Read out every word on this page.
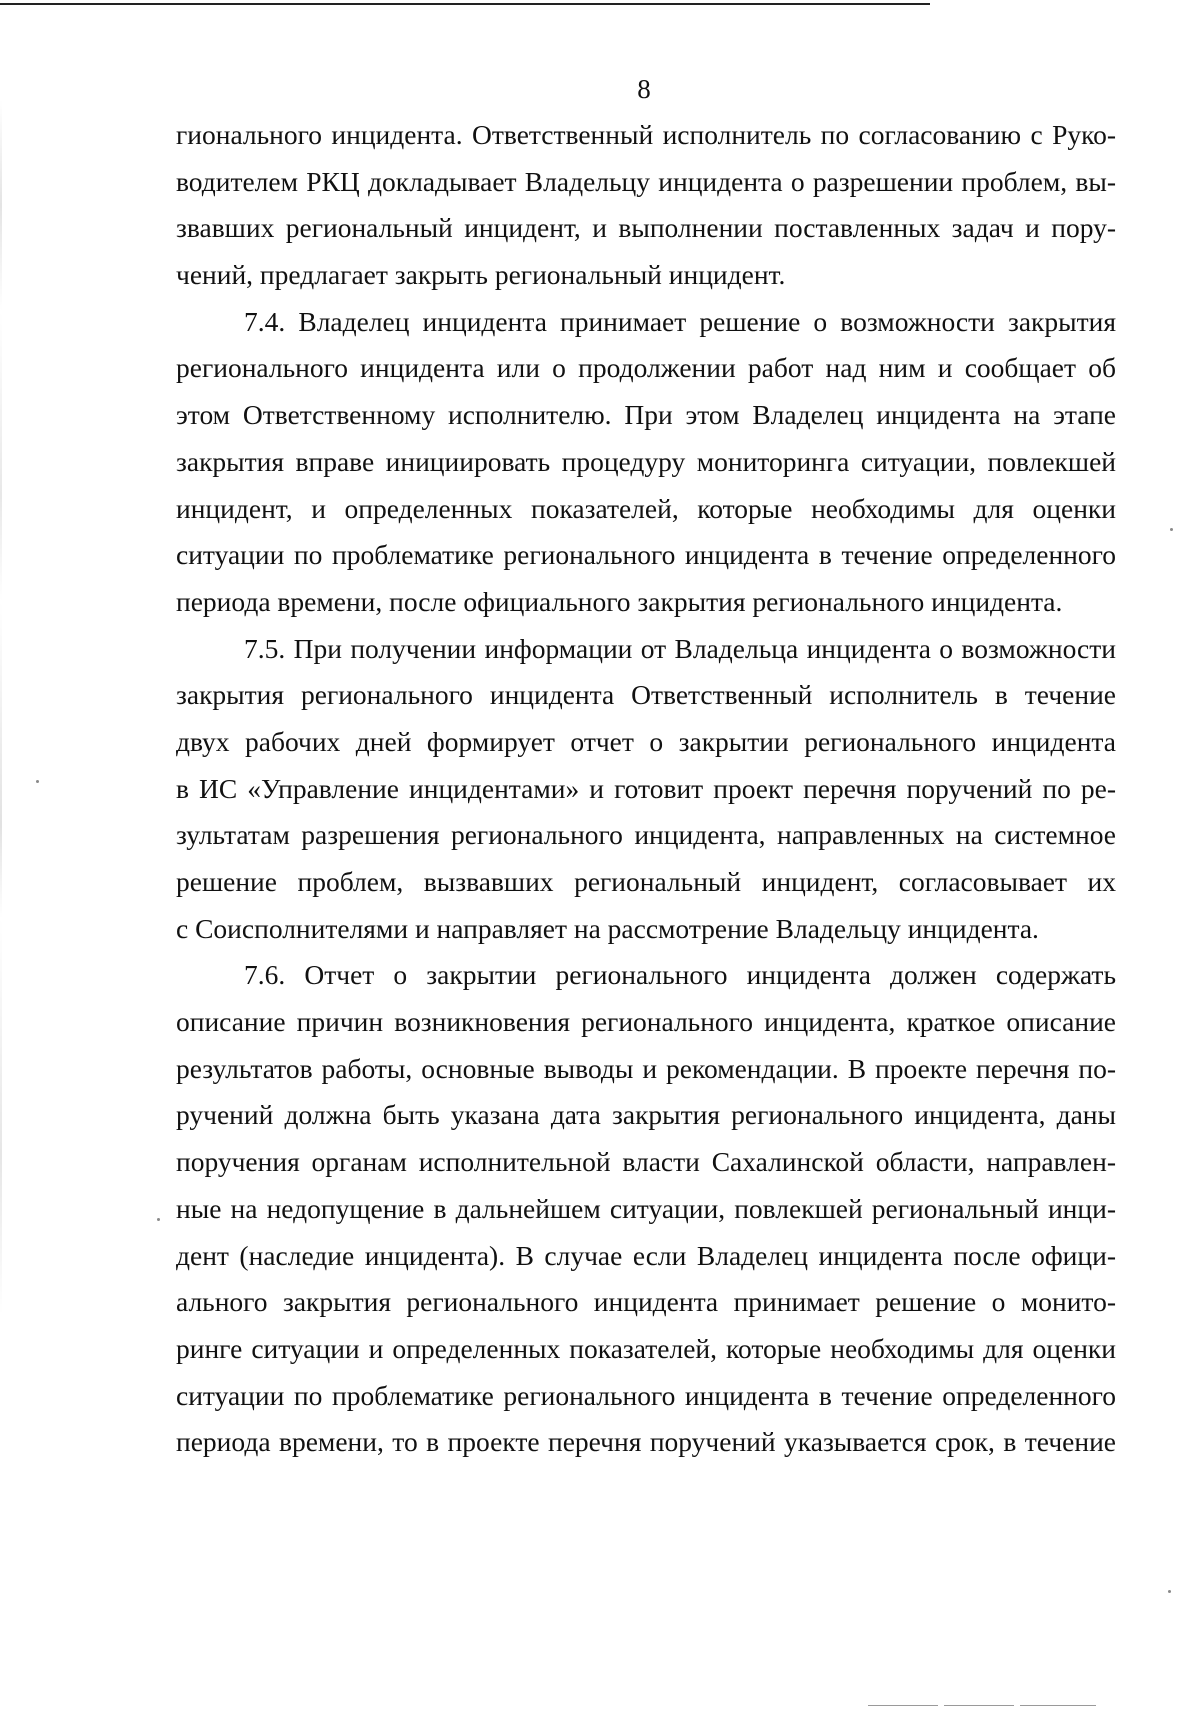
8

гионального инцидента. Ответственный исполнитель по согласованию с Руко-
водителем РКЦ докладывает Владельцу инцидента о разрешении проблем, вы-
звавших региональный инцидент, и выполнении поставленных задач и пору-
чений, предлагает закрыть региональный инцидент.

7.4. Владелец инцидента принимает решение о возможности закрытия
регионального инцидента или о продолжении работ над ним и сообщает об
этом Ответственному исполнителю. При этом Владелец инцидента на этапе
закрытия вправе инициировать процедуру мониторинга ситуации, повлекшей
инцидент, и определенных показателей, которые необходимы для оценки
ситуации по проблематике регионального инцидента в течение определенного
периода времени, после официального закрытия регионального инцидента.

7.5. При получении информации от Владельца инцидента о возможности
закрытия регионального инцидента Ответственный исполнитель в течение
двух рабочих дней формирует отчет о закрытии регионального инцидента
в ИС «Управление инцидентами» и готовит проект перечня поручений по ре-
зультатам разрешения регионального инцидента, направленных на системное
решение проблем, вызвавших региональный инцидент, согласовывает их
с Соисполнителями и направляет на рассмотрение Владельцу инцидента.

7.6. Отчет о закрытии регионального инцидента должен содержать
описание причин возникновения регионального инцидента, краткое описание
результатов работы, основные выводы и рекомендации. В проекте перечня по-
ручений должна быть указана дата закрытия регионального инцидента, даны
поручения органам исполнительной власти Сахалинской области, направлен-
ные на недопущение в дальнейшем ситуации, повлекшей региональный инци-
дент (наследие инцидента). В случае если Владелец инцидента после офици-
ального закрытия регионального инцидента принимает решение о монито-
ринге ситуации и определенных показателей, которые необходимы для оценки
ситуации по проблематике регионального инцидента в течение определенного
периода времени, то в проекте перечня поручений указывается срок, в течение
